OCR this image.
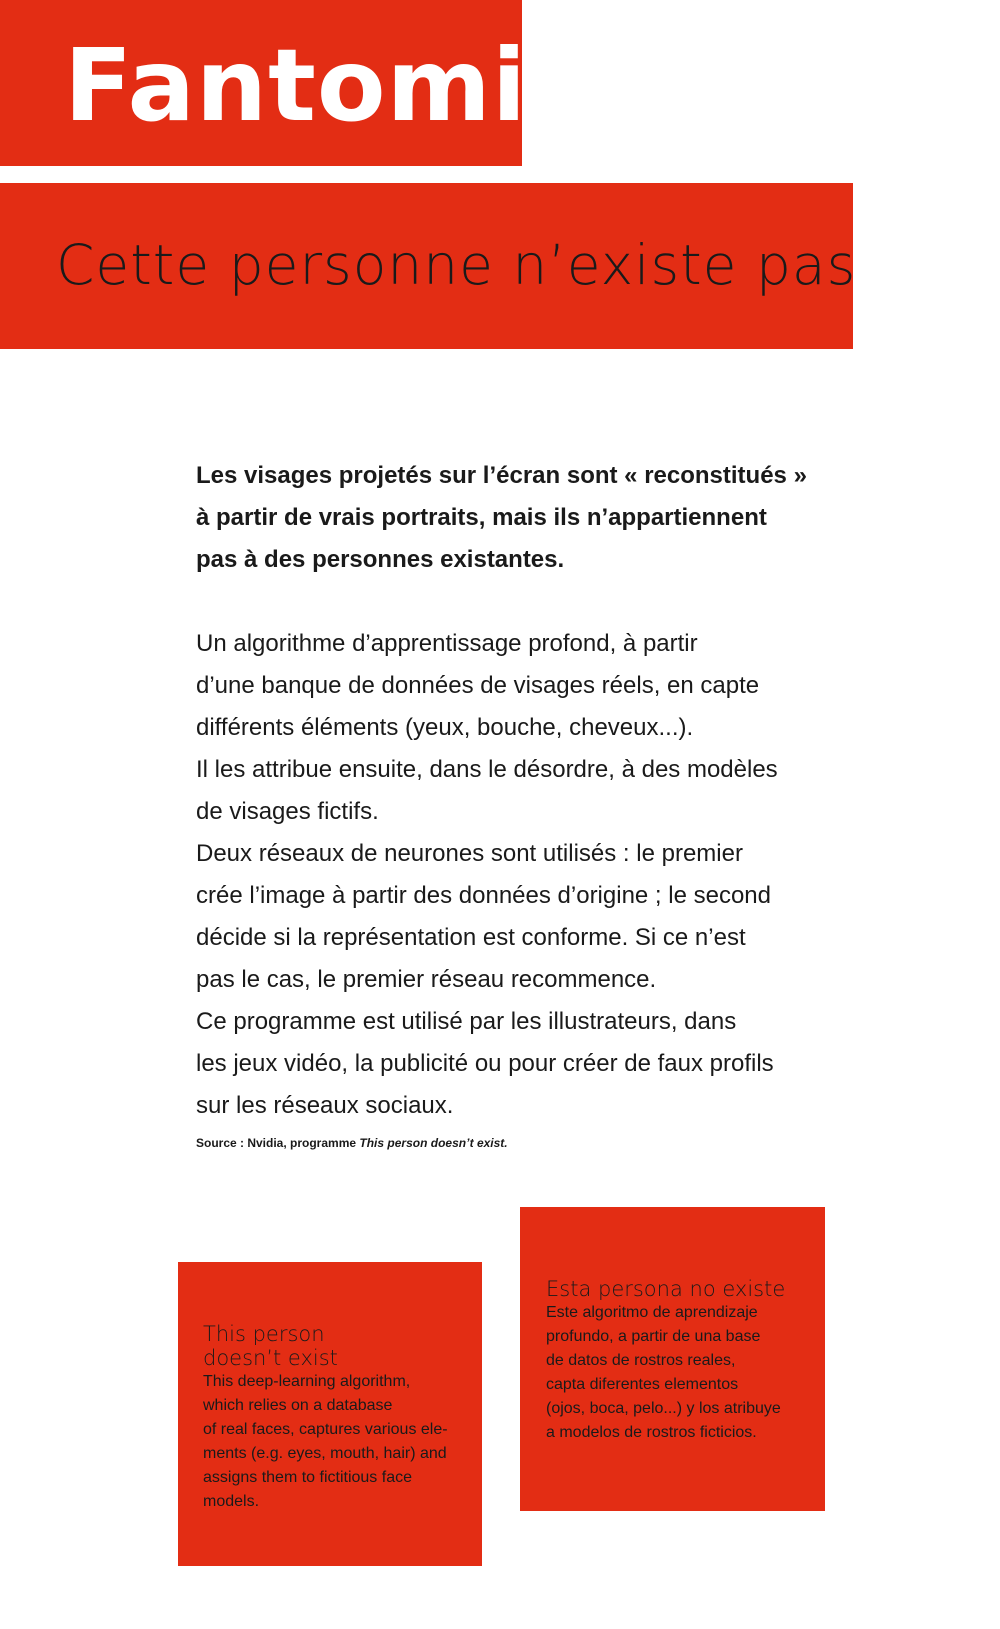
Fantomia
Cette personne n’existe pas

Les visages projetés sur l’écran sont « reconstitués »
à partir de vrais portraits, mais ils n’appartiennent
pas à des personnes existantes.

Un algorithme d’apprentissage profond, à partir
d’une banque de données de visages réels, en capte
différents éléments (yeux, bouche, cheveux...).
Il les attribue ensuite, dans le désordre, à des modèles
de visages fictifs.
Deux réseaux de neurones sont utilisés : le premier
crée l’image à partir des données d’origine ; le second
décide si la représentation est conforme. Si ce n’est
pas le cas, le premier réseau recommence.
Ce programme est utilisé par les illustrateurs, dans
les jeux vidéo, la publicité ou pour créer de faux profils
sur les réseaux sociaux.

Source : Nvidia, programme This person doesn’t exist.

This person
doesn’t exist
This deep-learning algorithm,
which relies on a database
of real faces, captures various ele-
ments (e.g. eyes, mouth, hair) and
assigns them to fictitious face
models.
Esta persona no existe
Este algoritmo de aprendizaje
profundo, a partir de una base
de datos de rostros reales,
capta diferentes elementos
(ojos, boca, pelo...) y los atribuye
a modelos de rostros ficticios.
